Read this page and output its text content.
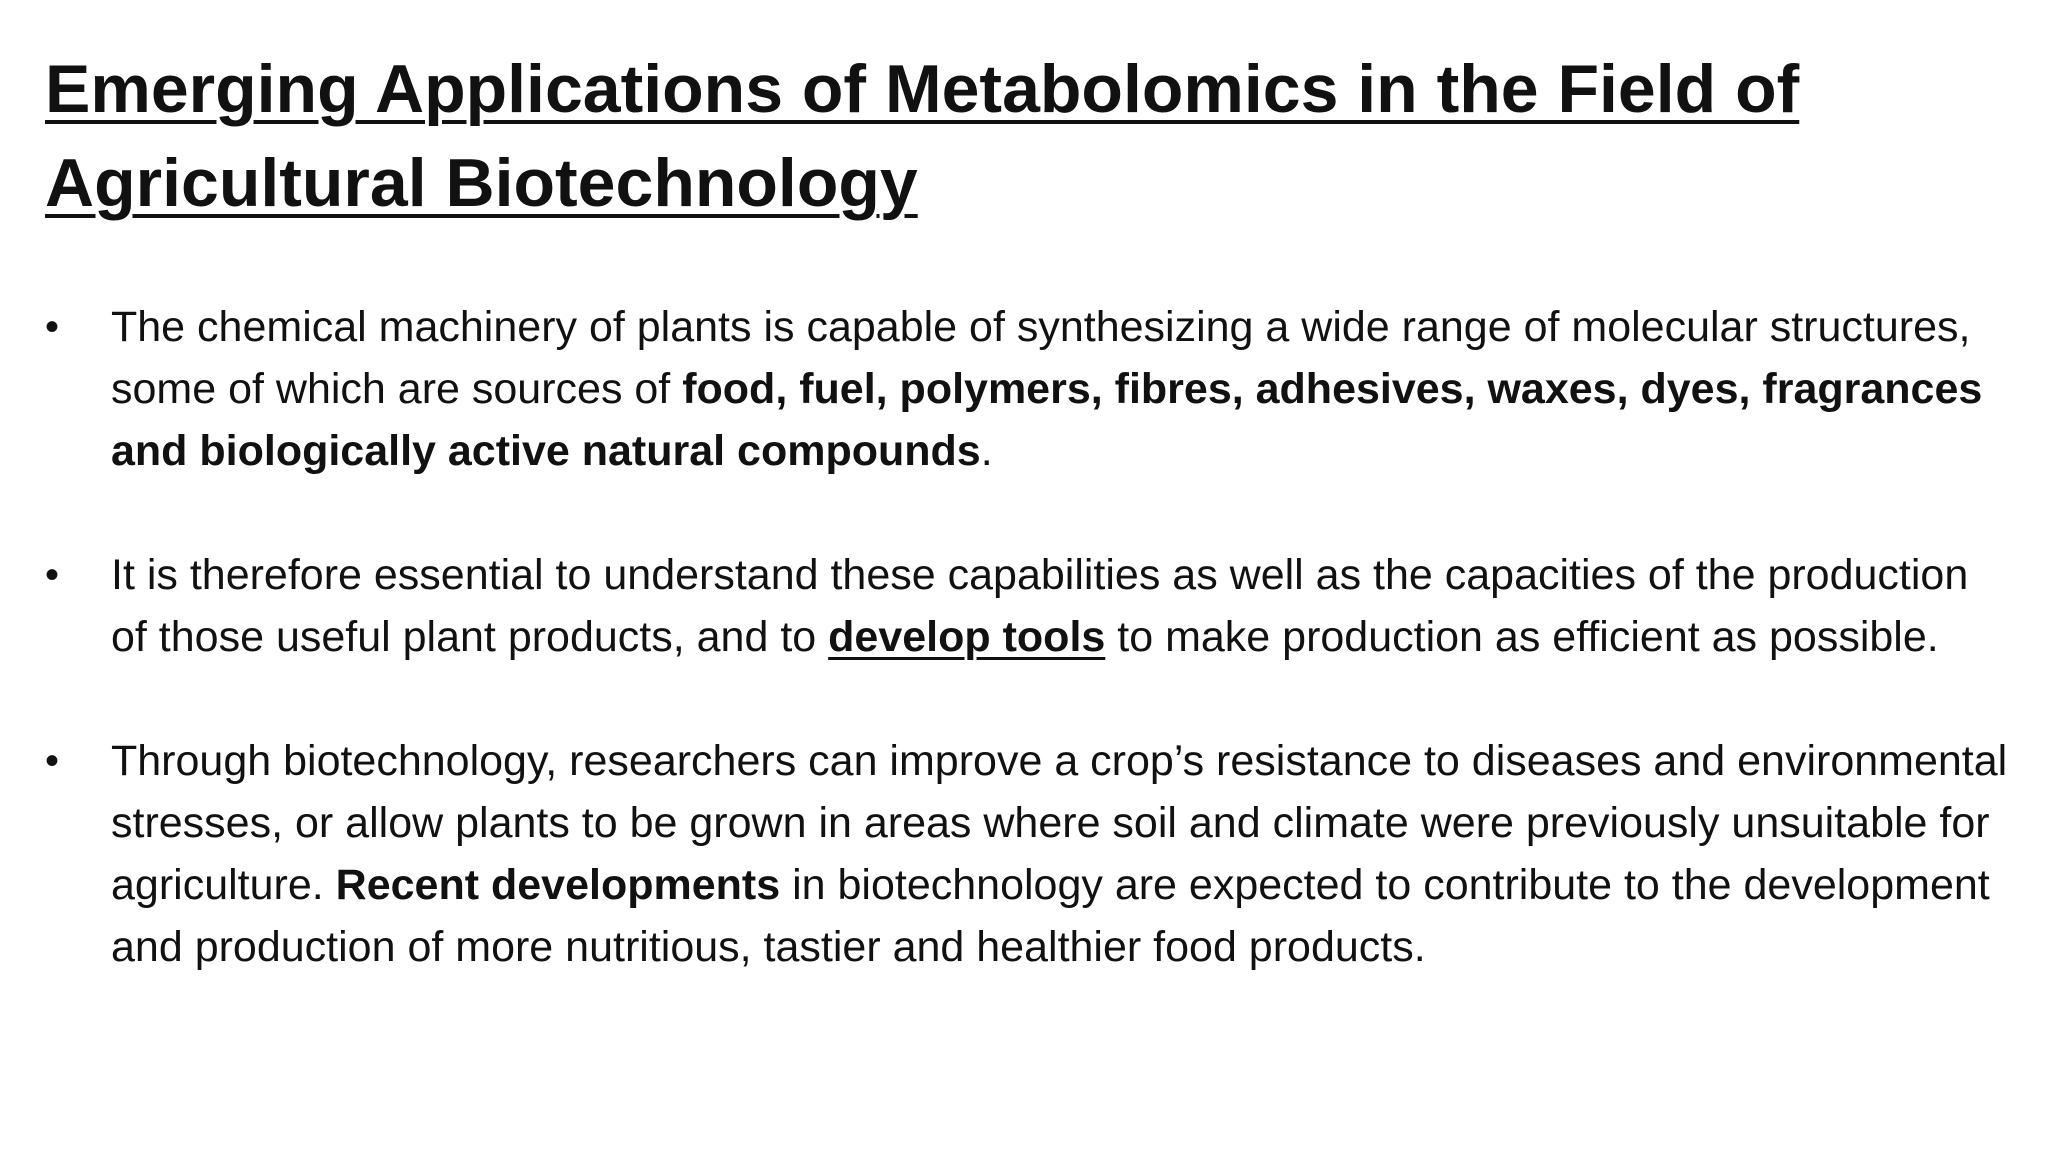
Emerging Applications of Metabolomics in the Field of Agricultural Biotechnology
•	The chemical machinery of plants is capable of synthesizing a wide range of molecular structures, some of which are sources of food, fuel, polymers, fibres, adhesives, waxes, dyes, fragrances and biologically active natural compounds.
•	It is therefore essential to understand these capabilities as well as the capacities of the production of those useful plant products, and to develop tools to make production as efficient as possible.
•	Through biotechnology, researchers can improve a crop’s resistance to diseases and environmental stresses, or allow plants to be grown in areas where soil and climate were previously unsuitable for agriculture. Recent developments in biotechnology are expected to contribute to the development and production of more nutritious, tastier and healthier food products.
